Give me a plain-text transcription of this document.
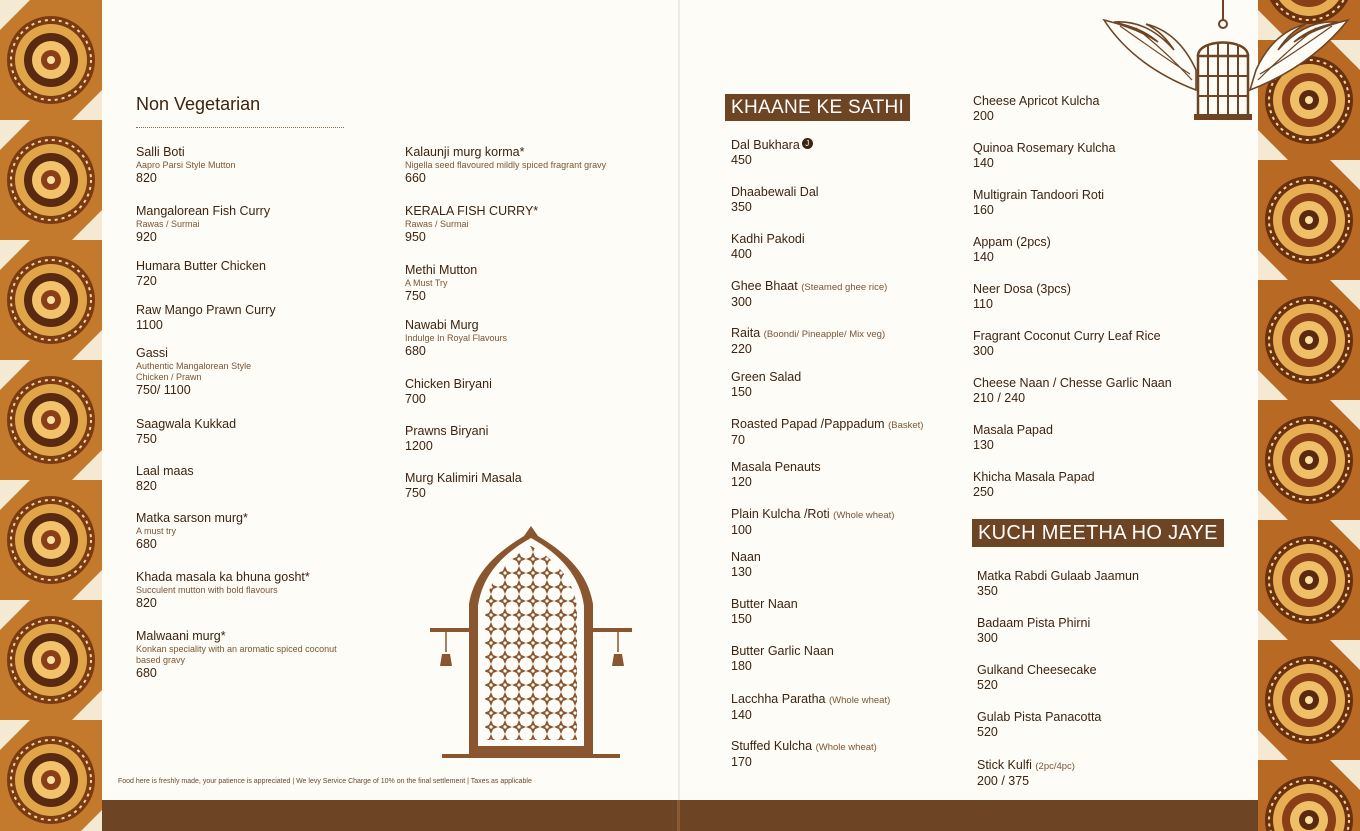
Non Vegetarian
Salli Boti
Aapro Parsi Style Mutton
820
Mangalorean Fish Curry
Rawas / Surmai
920
Humara Butter Chicken
720
Raw Mango Prawn Curry
1100
Gassi
Authentic Mangalorean Style
Chicken / Prawn
750/ 1100
Saagwala Kukkad
750
Laal maas
820
Matka sarson murg*
A must try
680
Khada masala ka bhuna gosht*
Succulent mutton with bold flavours
820
Malwaani murg*
Konkan speciality with an aromatic spiced coconut
based gravy
680
Kalaunji murg korma*
Nigella seed flavoured mildly spiced fragrant gravy
660
KERALA FISH CURRY*
Rawas / Surmai
950
Methi Mutton
A Must Try
750
Nawabi Murg
Indulge In Royal Flavours
680
Chicken Biryani
700
Prawns Biryani
1200
Murg Kalimiri Masala
750
Food here is freshly made, your patience is appreciated | We levy Service Charge of 10% on the final settlement | Taxes as applicable
KHAANE KE SATHI
Dal Bukhara J
450
Dhaabewali Dal
350
Kadhi Pakodi
400
Ghee Bhaat (Steamed ghee rice)
300
Raita (Boondi/ Pineapple/ Mix veg)
220
Green Salad
150
Roasted Papad /Pappadum (Basket)
70
Masala Penauts
120
Plain Kulcha /Roti (Whole wheat)
100
Naan
130
Butter Naan
150
Butter Garlic Naan
180
Lacchha Paratha (Whole wheat)
140
Stuffed Kulcha (Whole wheat)
170
Cheese Apricot Kulcha
200
Quinoa Rosemary Kulcha
140
Multigrain Tandoori Roti
160
Appam (2pcs)
140
Neer Dosa (3pcs)
110
Fragrant Coconut Curry Leaf Rice
300
Cheese Naan / Chesse Garlic Naan
210 / 240
Masala Papad
130
Khicha Masala Papad
250
KUCH MEETHA HO JAYE
Matka Rabdi Gulaab Jaamun
350
Badaam Pista Phirni
300
Gulkand Cheesecake
520
Gulab Pista Panacotta
520
Stick Kulfi (2pc/4pc)
200 / 375
